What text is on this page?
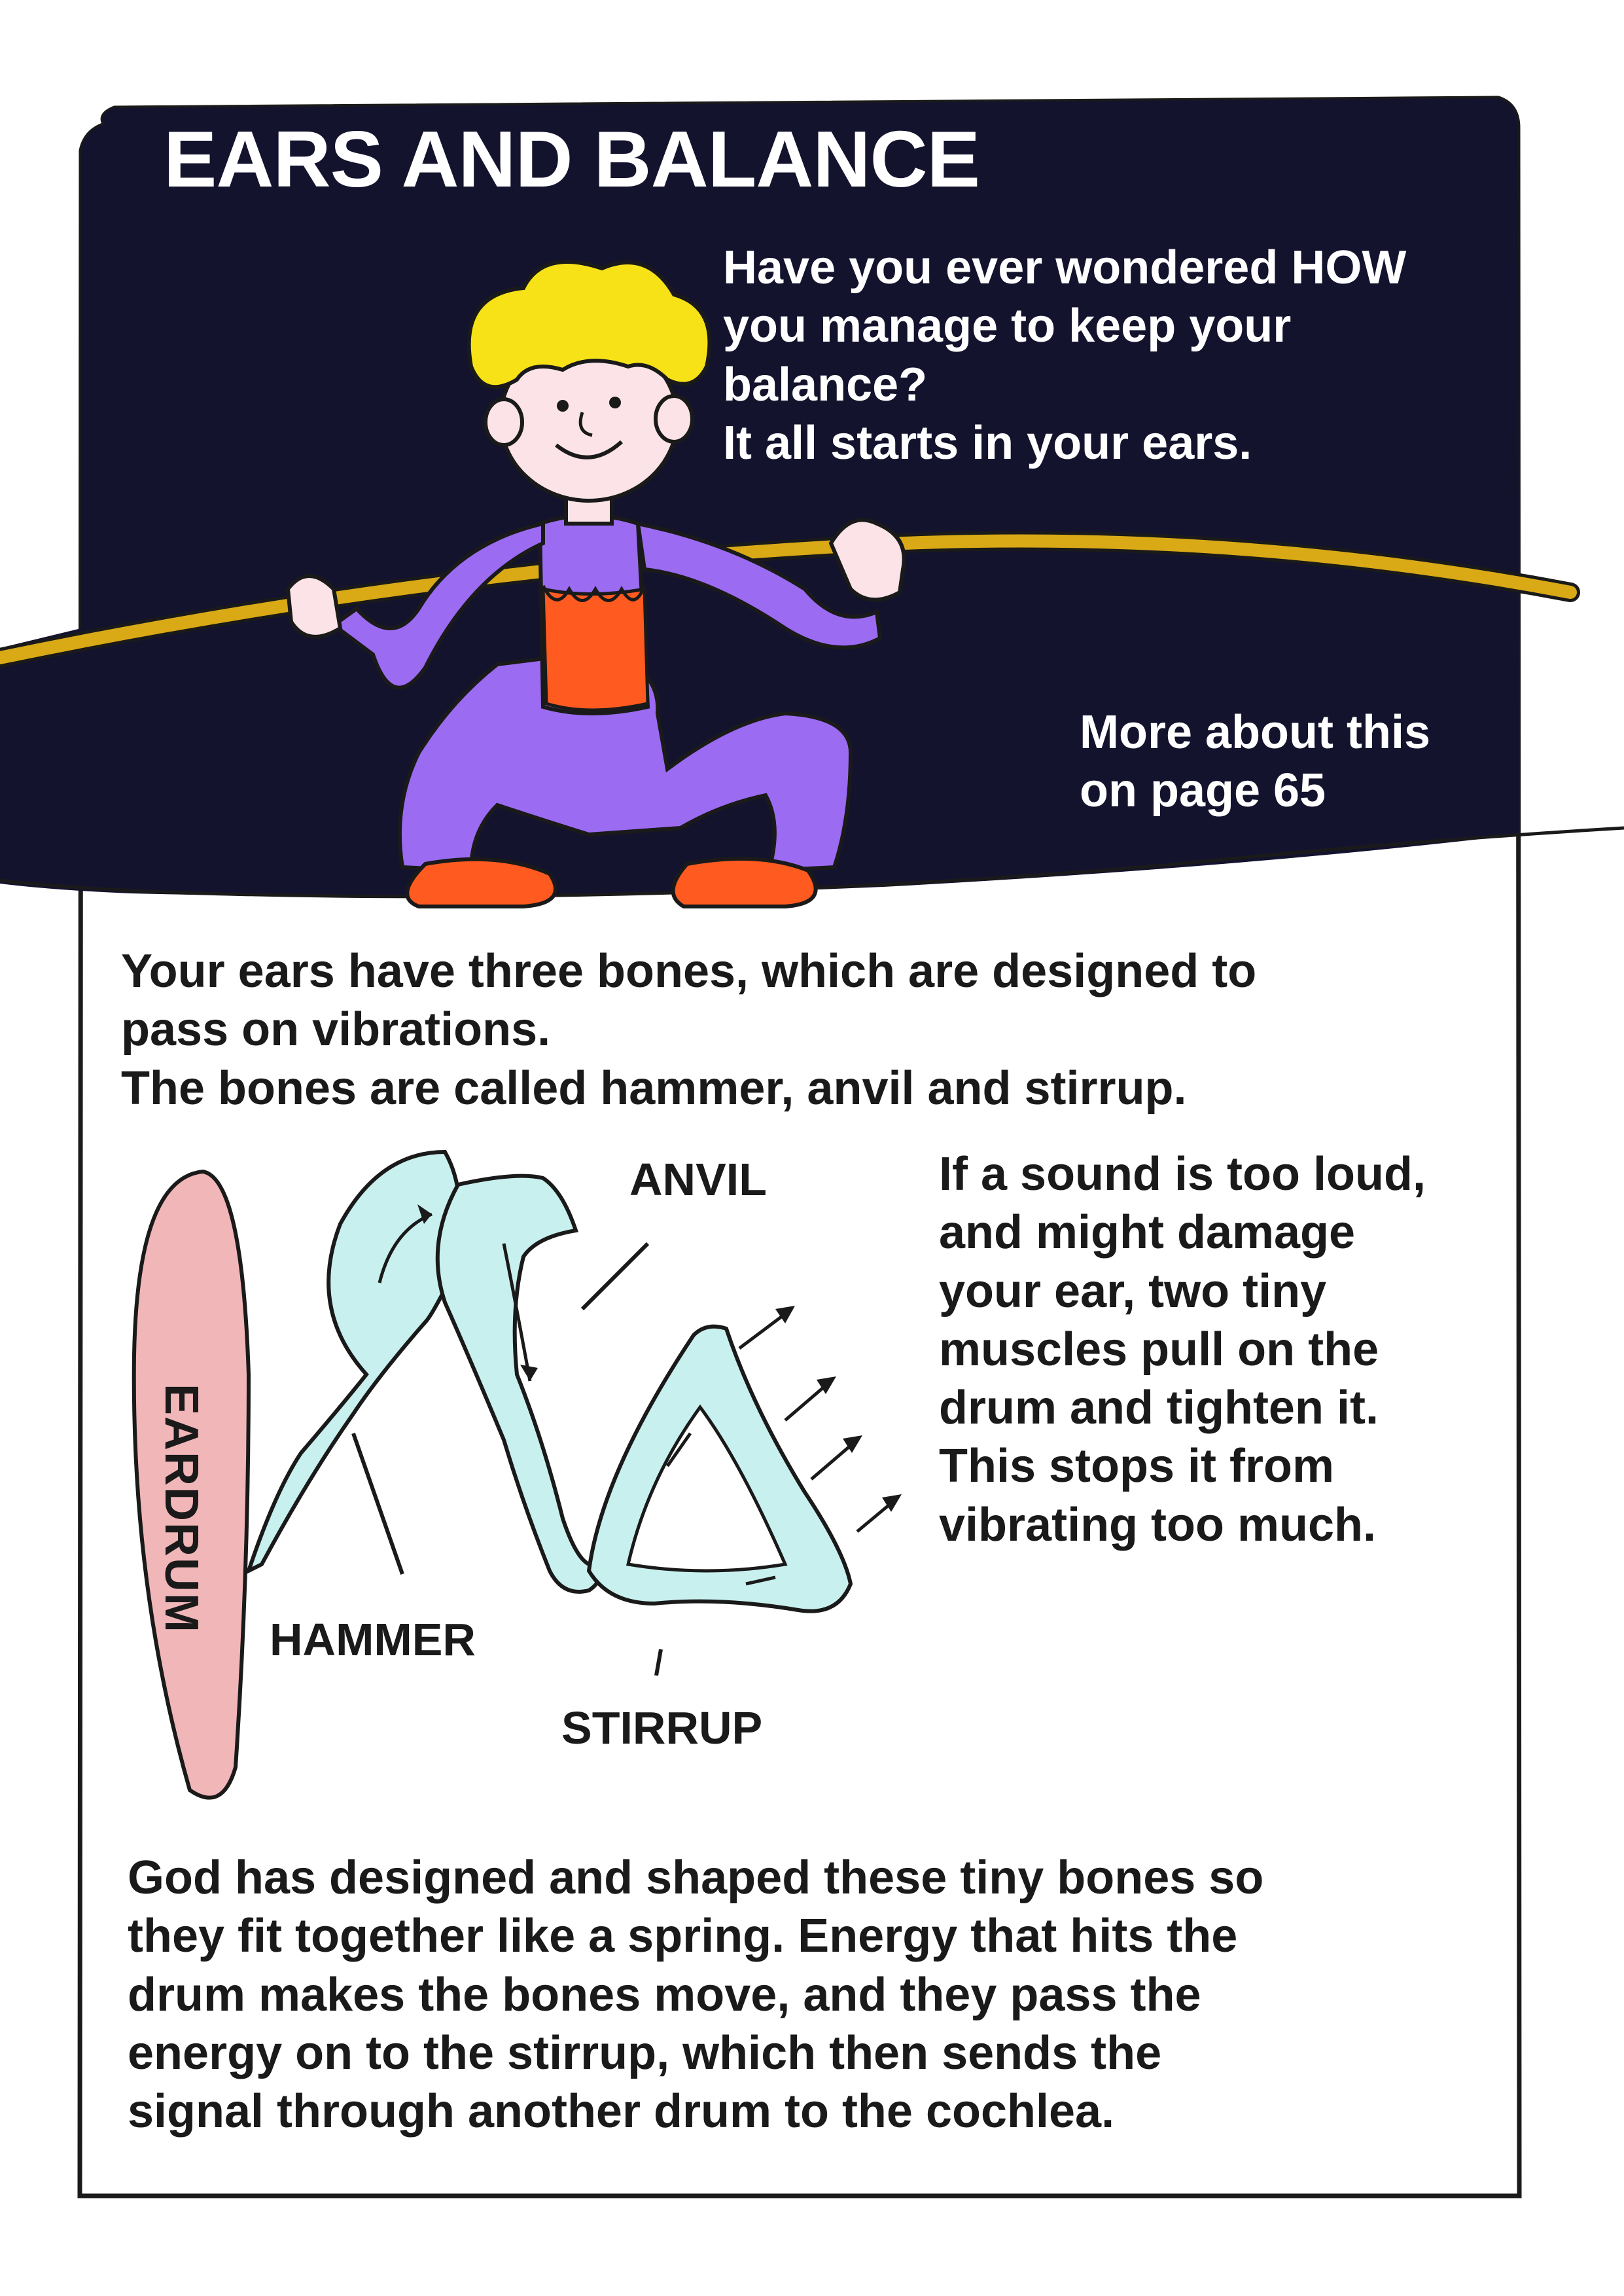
EARS AND BALANCE
Have you ever wondered HOW
you manage to keep your
balance?
It all starts in your ears.
More about this
on page 65
Your ears have three bones, which are designed to
pass on vibrations.
The bones are called hammer, anvil and stirrup.
If a sound is too loud,
and might damage
your ear, two tiny
muscles pull on the
drum and tighten it.
This stops it from
vibrating too much.
ANVIL
HAMMER
STIRRUP
EARDRUM
God has designed and shaped these tiny bones so
they fit together like a spring. Energy that hits the
drum makes the bones move, and they pass the
energy on to the stirrup, which then sends the
signal through another drum to the cochlea.
